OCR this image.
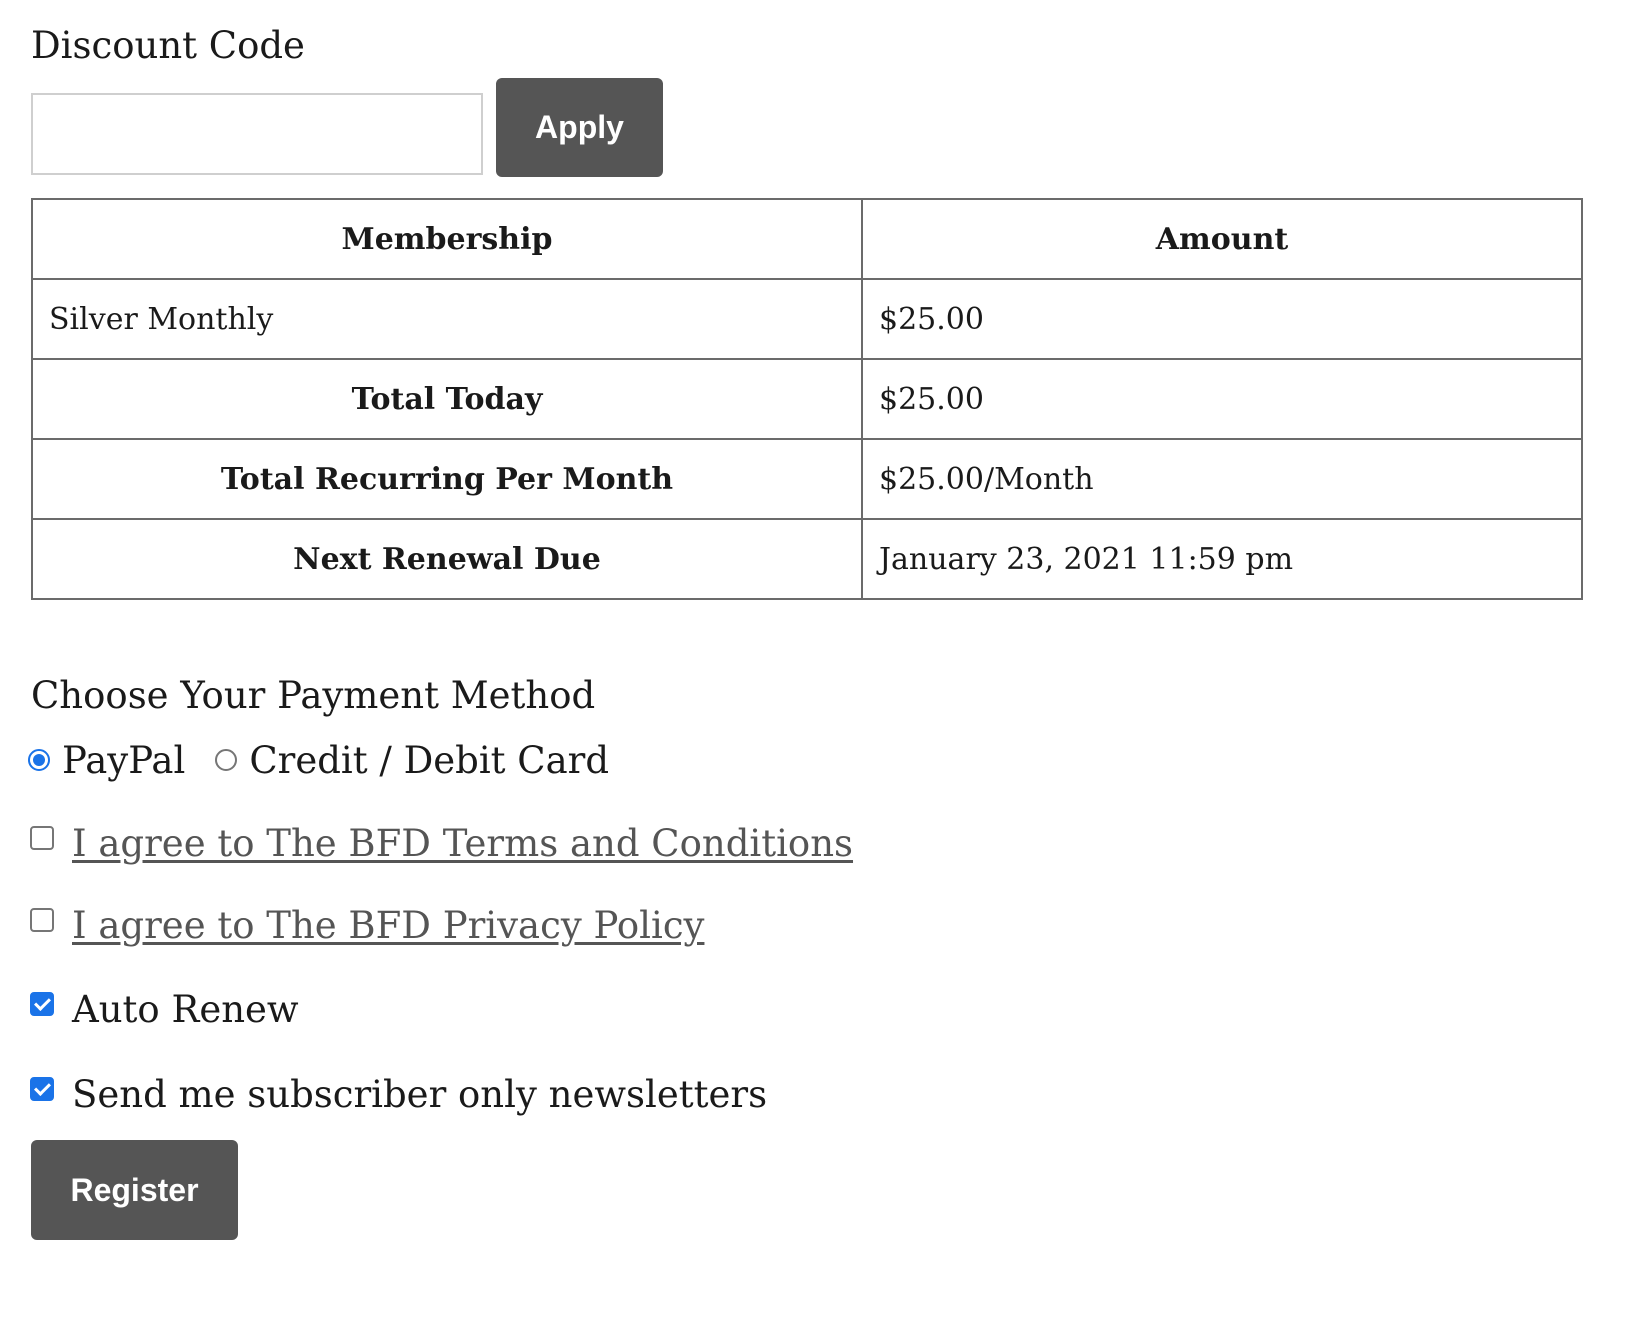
Discount Code
Apply
Membership	Amount
Silver Monthly	$25.00
Total Today	$25.00
Total Recurring Per Month	$25.00/Month
Next Renewal Due	January 23, 2021 11:59 pm
Choose Your Payment Method
PayPal Credit / Debit Card
I agree to The BFD Terms and Conditions
I agree to The BFD Privacy Policy
Auto Renew
Send me subscriber only newsletters
Register
